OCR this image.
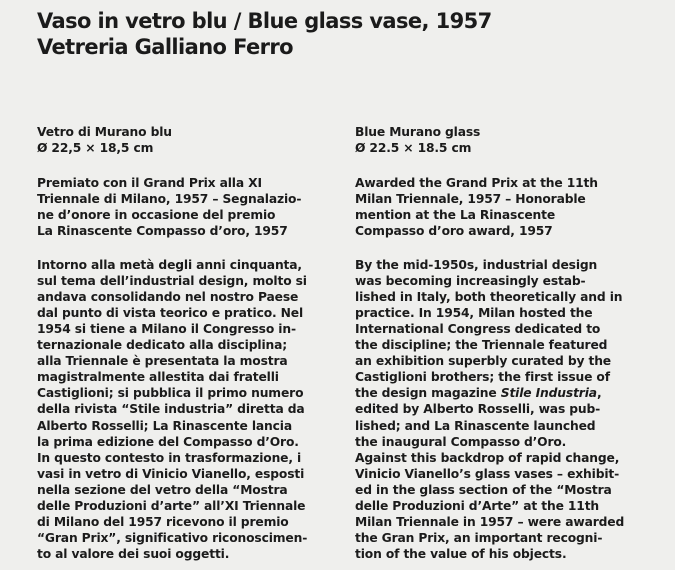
Vaso in vetro blu / Blue glass vase, 1957
Vetreria Galliano Ferro
Vetro di Murano blu
Ø 22,5 × 18,5 cm
Premiato con il Grand Prix alla XI
Triennale di Milano, 1957 – Segnalazio-
ne d’onore in occasione del premio
La Rinascente Compasso d’oro, 1957
Intorno alla metà degli anni cinquanta,
sul tema dell’industrial design, molto si
andava consolidando nel nostro Paese
dal punto di vista teorico e pratico. Nel
1954 si tiene a Milano il Congresso in-
ternazionale dedicato alla disciplina;
alla Triennale è presentata la mostra
magistralmente allestita dai fratelli
Castiglioni; si pubblica il primo numero
della rivista “Stile industria” diretta da
Alberto Rosselli; La Rinascente lancia
la prima edizione del Compasso d’Oro.
In questo contesto in trasformazione, i
vasi in vetro di Vinicio Vianello, esposti
nella sezione del vetro della “Mostra
delle Produzioni d’arte” all’XI Triennale
di Milano del 1957 ricevono il premio
“Gran Prix”, significativo riconoscimen-
to al valore dei suoi oggetti.
Blue Murano glass
Ø 22.5 × 18.5 cm
Awarded the Grand Prix at the 11th
Milan Triennale, 1957 – Honorable
mention at the La Rinascente
Compasso d’oro award, 1957
By the mid-1950s, industrial design
was becoming increasingly estab-
lished in Italy, both theoretically and in
practice. In 1954, Milan hosted the
International Congress dedicated to
the discipline; the Triennale featured
an exhibition superbly curated by the
Castiglioni brothers; the first issue of
the design magazine Stile Industria,
edited by Alberto Rosselli, was pub-
lished; and La Rinascente launched
the inaugural Compasso d’Oro.
Against this backdrop of rapid change,
Vinicio Vianello’s glass vases – exhibit-
ed in the glass section of the “Mostra
delle Produzioni d’Arte” at the 11th
Milan Triennale in 1957 – were awarded
the Gran Prix, an important recogni-
tion of the value of his objects.
